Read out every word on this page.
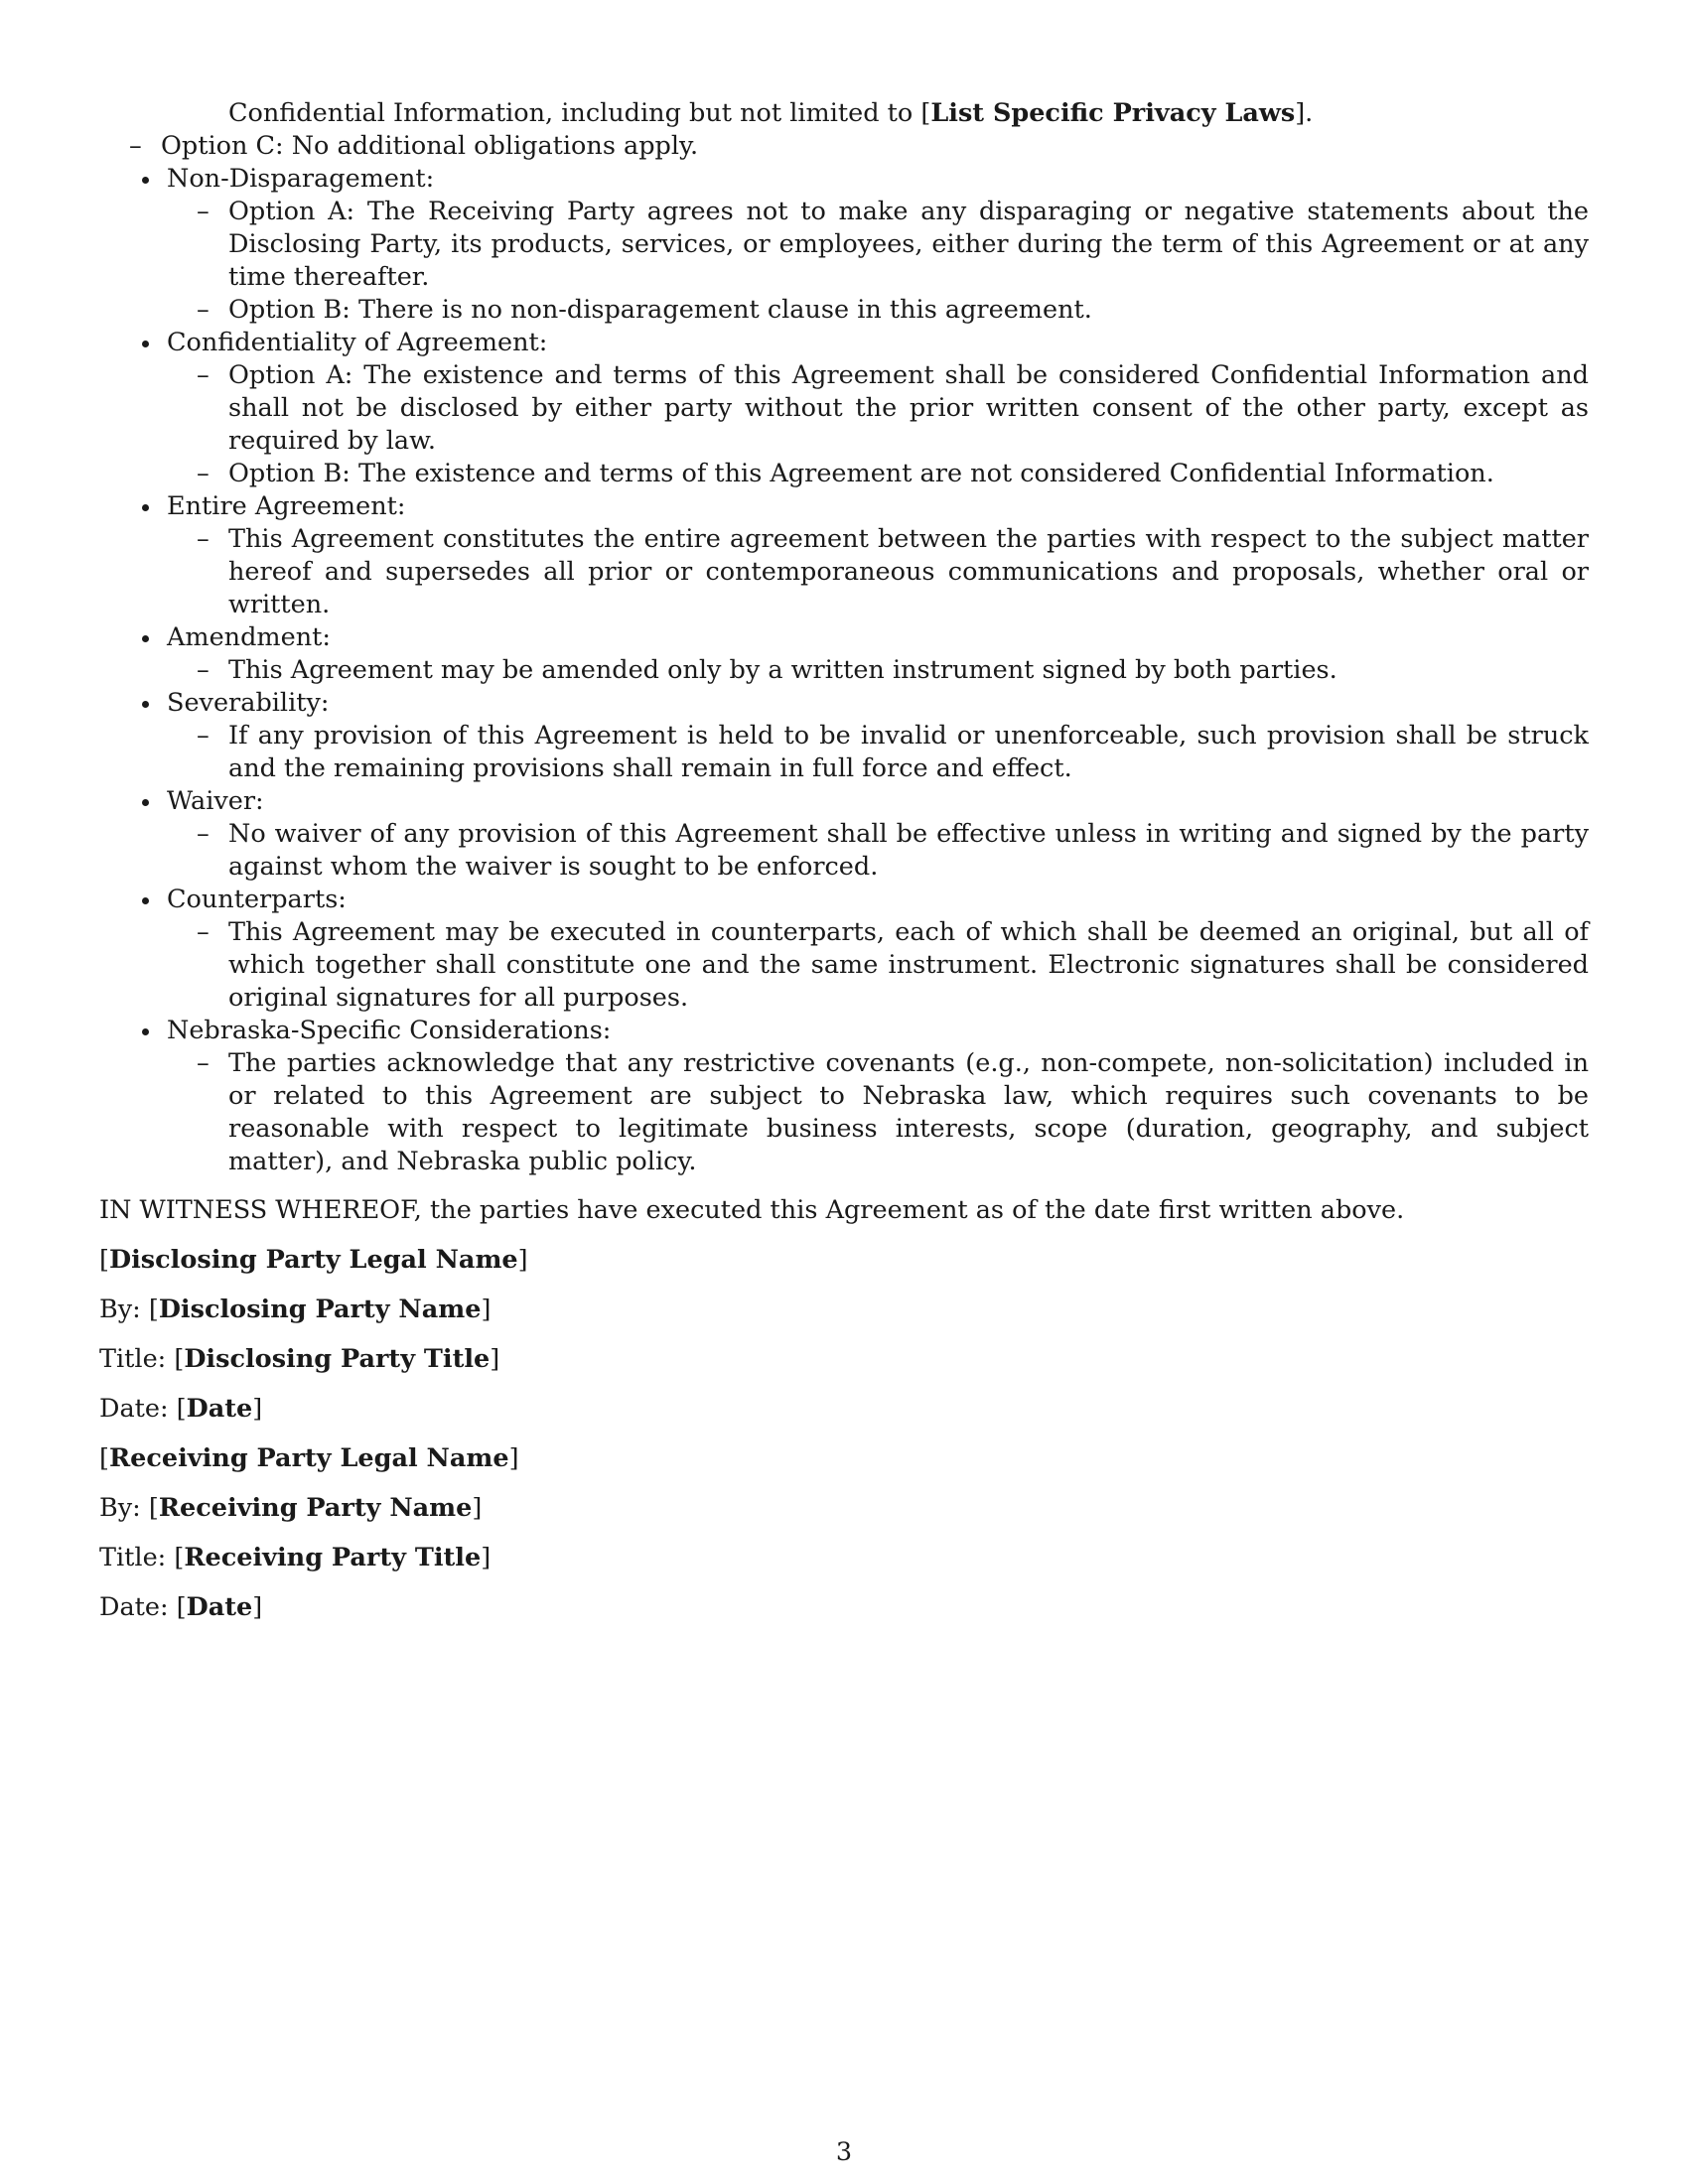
Confidential Information, including but not limited to [List Specific Privacy Laws].
– Option C: No additional obligations apply.
Non-Disparagement:
– Option A: The Receiving Party agrees not to make any disparaging or negative statements about the Disclosing Party, its products, services, or employees, either during the term of this Agreement or at any time thereafter.
– Option B: There is no non-disparagement clause in this agreement.
Confidentiality of Agreement:
– Option A: The existence and terms of this Agreement shall be considered Confidential Information and shall not be disclosed by either party without the prior written consent of the other party, except as required by law.
– Option B: The existence and terms of this Agreement are not considered Confidential Information.
Entire Agreement:
– This Agreement constitutes the entire agreement between the parties with respect to the subject matter hereof and supersedes all prior or contemporaneous communications and proposals, whether oral or written.
Amendment:
– This Agreement may be amended only by a written instrument signed by both parties.
Severability:
– If any provision of this Agreement is held to be invalid or unenforceable, such provision shall be struck and the remaining provisions shall remain in full force and effect.
Waiver:
– No waiver of any provision of this Agreement shall be effective unless in writing and signed by the party against whom the waiver is sought to be enforced.
Counterparts:
– This Agreement may be executed in counterparts, each of which shall be deemed an original, but all of which together shall constitute one and the same instrument. Electronic signatures shall be considered original signatures for all purposes.
Nebraska-Specific Considerations:
– The parties acknowledge that any restrictive covenants (e.g., non-compete, non-solicitation) included in or related to this Agreement are subject to Nebraska law, which requires such covenants to be reasonable with respect to legitimate business interests, scope (duration, geography, and subject matter), and Nebraska public policy.
IN WITNESS WHEREOF, the parties have executed this Agreement as of the date first written above.
[Disclosing Party Legal Name]
By: [Disclosing Party Name]
Title: [Disclosing Party Title]
Date: [Date]
[Receiving Party Legal Name]
By: [Receiving Party Name]
Title: [Receiving Party Title]
Date: [Date]
3
